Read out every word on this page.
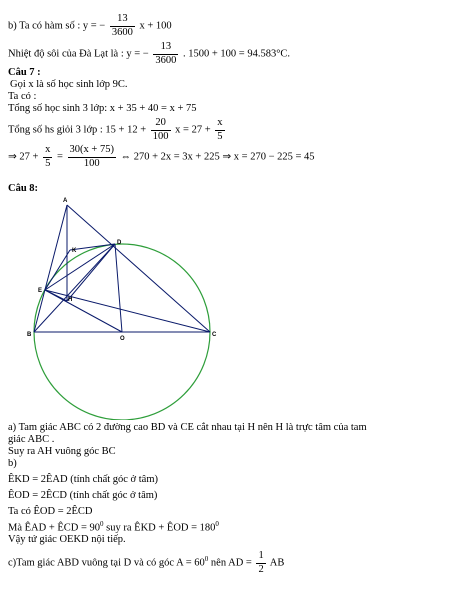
b) Ta có hàm số : y = − $\frac{13}{3600}$ x + 100
Nhiệt độ sôi của Đà Lạt là : y = − $\frac{13}{3600}$ . 1500 + 100 = 94.583°C.
Câu 7 :
Gọi x là số học sinh lớp 9C.
Ta có :
Tổng số học sinh 3 lớp: x + 35 + 40 = x + 75
Tổng số hs giỏi 3 lớp : $15 + 12 + \frac{20}{100}$ $x = 27 + \frac{x}{5}$
⇒ $27 + \frac{x}{5} = \frac{30(x + 75)}{100}$ ⇔ 270 + 2x = 3x + 225 ⇒ x = 270 − 225 = 45
Câu 8:
A
K
D
E
H
B
O
C
a) Tam giác ABC có 2 đường cao BD và CE cắt nhau tại H nên H là trực tâm của tam
giác ABC .
Suy ra AH vuông góc BC
b)
ÊKD = 2ÊAD (tính chất góc ở tâm)
ÊOD = 2ÊCD (tính chất góc ở tâm)
Ta có ÊOD = 2ÊCD
Mà ÊAD + ÊCD = $90^0$ suy ra ÊKD + ÊOD = $180^0$
Vậy tứ giác OEKD nội tiếp.
c)Tam giác ABD vuông tại D và có góc $A = 60^0$ nên AD = $\frac{1}{2}$ AB
